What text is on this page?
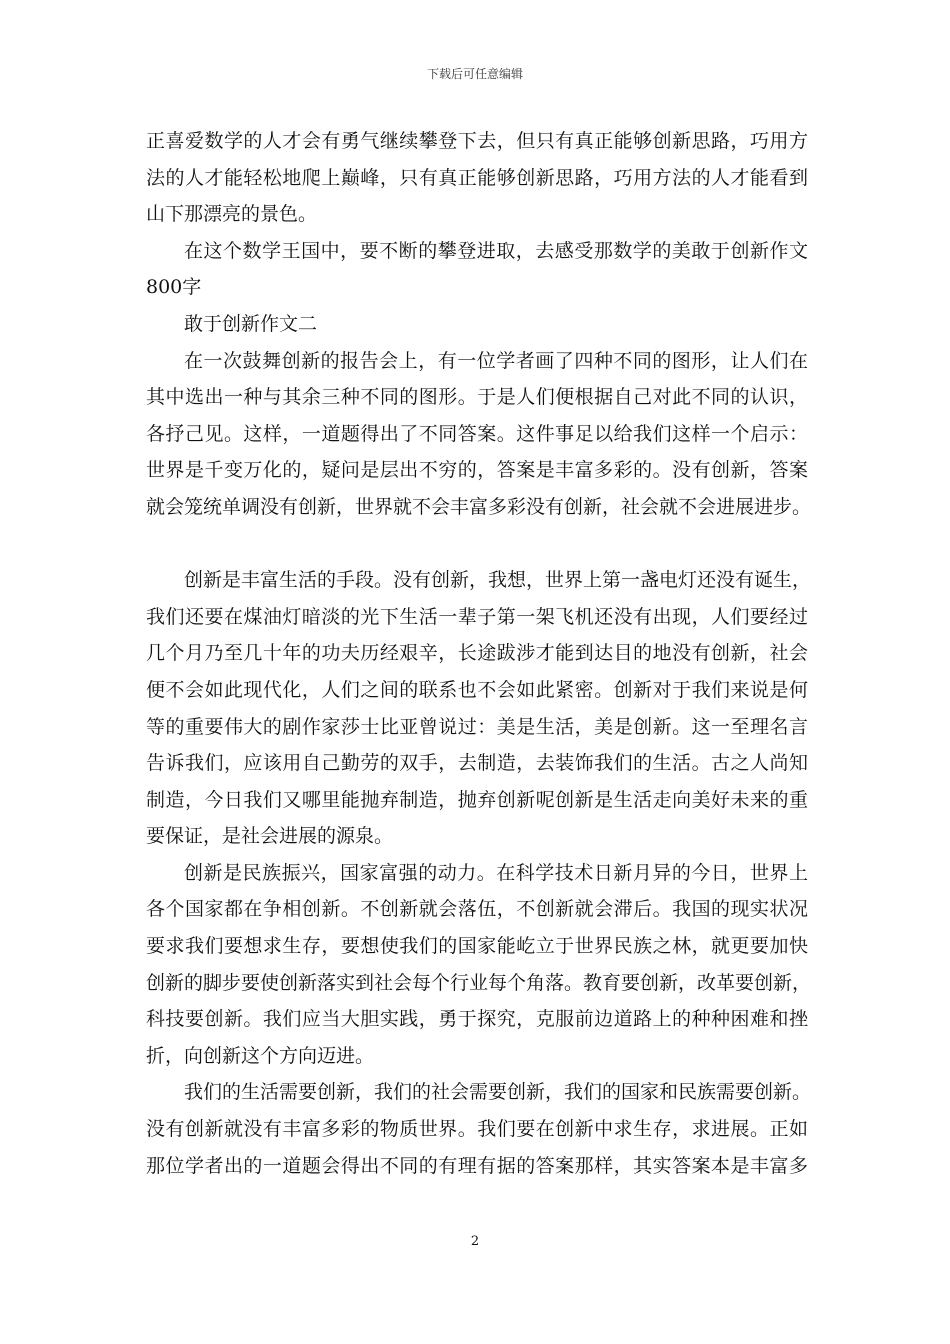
下载后可任意编辑
正喜爱数学的人才会有勇气继续攀登下去，但只有真正能够创新思路，巧用方
法的人才能轻松地爬上巅峰，只有真正能够创新思路，巧用方法的人才能看到
山下那漂亮的景色。
在这个数学王国中，要不断的攀登进取，去感受那数学的美敢于创新作文
800字
敢于创新作文二
在一次鼓舞创新的报告会上，有一位学者画了四种不同的图形，让人们在
其中选出一种与其余三种不同的图形。于是人们便根据自己对此不同的认识，
各抒己见。这样，一道题得出了不同答案。这件事足以给我们这样一个启示：
世界是千变万化的，疑问是层出不穷的，答案是丰富多彩的。没有创新，答案
就会笼统单调没有创新，世界就不会丰富多彩没有创新，社会就不会进展进步。
创新是丰富生活的手段。没有创新，我想，世界上第一盏电灯还没有诞生，
我们还要在煤油灯暗淡的光下生活一辈子第一架飞机还没有出现，人们要经过
几个月乃至几十年的功夫历经艰辛，长途跋涉才能到达目的地没有创新，社会
便不会如此现代化，人们之间的联系也不会如此紧密。创新对于我们来说是何
等的重要伟大的剧作家莎士比亚曾说过：美是生活，美是创新。这一至理名言
告诉我们，应该用自己勤劳的双手，去制造，去装饰我们的生活。古之人尚知
制造，今日我们又哪里能抛弃制造，抛弃创新呢创新是生活走向美好未来的重
要保证，是社会进展的源泉。
创新是民族振兴，国家富强的动力。在科学技术日新月异的今日，世界上
各个国家都在争相创新。不创新就会落伍，不创新就会滞后。我国的现实状况
要求我们要想求生存，要想使我们的国家能屹立于世界民族之林，就更要加快
创新的脚步要使创新落实到社会每个行业每个角落。教育要创新，改革要创新，
科技要创新。我们应当大胆实践，勇于探究，克服前边道路上的种种困难和挫
折，向创新这个方向迈进。
我们的生活需要创新，我们的社会需要创新，我们的国家和民族需要创新。
没有创新就没有丰富多彩的物质世界。我们要在创新中求生存，求进展。正如
那位学者出的一道题会得出不同的有理有据的答案那样，其实答案本是丰富多
2
